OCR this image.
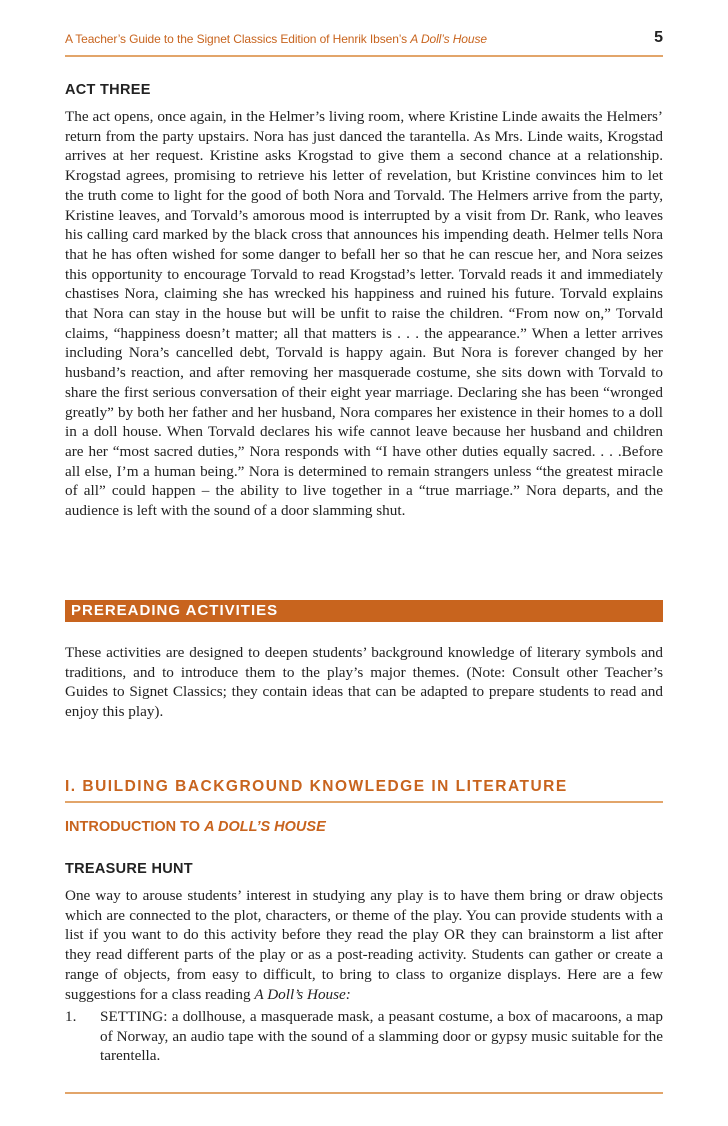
A Teacher’s Guide to the Signet Classics Edition of Henrik Ibsen’s A Doll’s House	5
ACT THREE

The act opens, once again, in the Helmer’s living room, where Kristine Linde awaits the Helmers’ return from the party upstairs. Nora has just danced the tarantella. As Mrs. Linde waits, Krogstad arrives at her request. Kristine asks Krogstad to give them a second chance at a relationship. Krogstad agrees, promising to retrieve his letter of revelation, but Kristine convinces him to let the truth come to light for the good of both Nora and Torvald. The Helmers arrive from the party, Kristine leaves, and Torvald’s amorous mood is interrupted by a visit from Dr. Rank, who leaves his calling card marked by the black cross that announces his impending death. Helmer tells Nora that he has often wished for some danger to befall her so that he can rescue her, and Nora seizes this opportunity to encourage Torvald to read Krogstad’s letter. Torvald reads it and immediately chastises Nora, claiming she has wrecked his happiness and ruined his future. Torvald explains that Nora can stay in the house but will be unfit to raise the children. “From now on,” Torvald claims, “happiness doesn’t matter; all that matters is . . . the appearance.” When a letter arrives including Nora’s cancelled debt, Torvald is happy again. But Nora is forever changed by her husband’s reaction, and after removing her masquerade costume, she sits down with Torvald to share the first serious conversation of their eight year marriage. Declaring she has been “wronged greatly” by both her father and her husband, Nora compares her existence in their homes to a doll in a doll house. When Torvald declares his wife cannot leave because her husband and children are her “most sacred duties,” Nora responds with “I have other duties equally sacred. . . .Before all else, I’m a human being.” Nora is determined to remain strangers unless “the greatest miracle of all” could happen – the ability to live together in a “true marriage.” Nora departs, and the audience is left with the sound of a door slamming shut.

PREREADING ACTIVITIES

These activities are designed to deepen students’ background knowledge of literary symbols and traditions, and to introduce them to the play’s major themes. (Note: Consult other Teacher’s Guides to Signet Classics; they contain ideas that can be adapted to prepare students to read and enjoy this play).

I. BUILDING BACKGROUND KNOWLEDGE IN LITERATURE
INTRODUCTION TO A DOLL’S HOUSE
TREASURE HUNT

One way to arouse students’ interest in studying any play is to have them bring or draw objects which are connected to the plot, characters, or theme of the play. You can provide students with a list if you want to do this activity before they read the play OR they can brainstorm a list after they read different parts of the play or as a post-reading activity. Students can gather or create a range of objects, from easy to difficult, to bring to class to organize displays. Here are a few suggestions for a class reading A Doll’s House:

1. SETTING: a dollhouse, a masquerade mask, a peasant costume, a box of macaroons, a map of Norway, an audio tape with the sound of a slamming door or gypsy music suitable for the tarentella.
